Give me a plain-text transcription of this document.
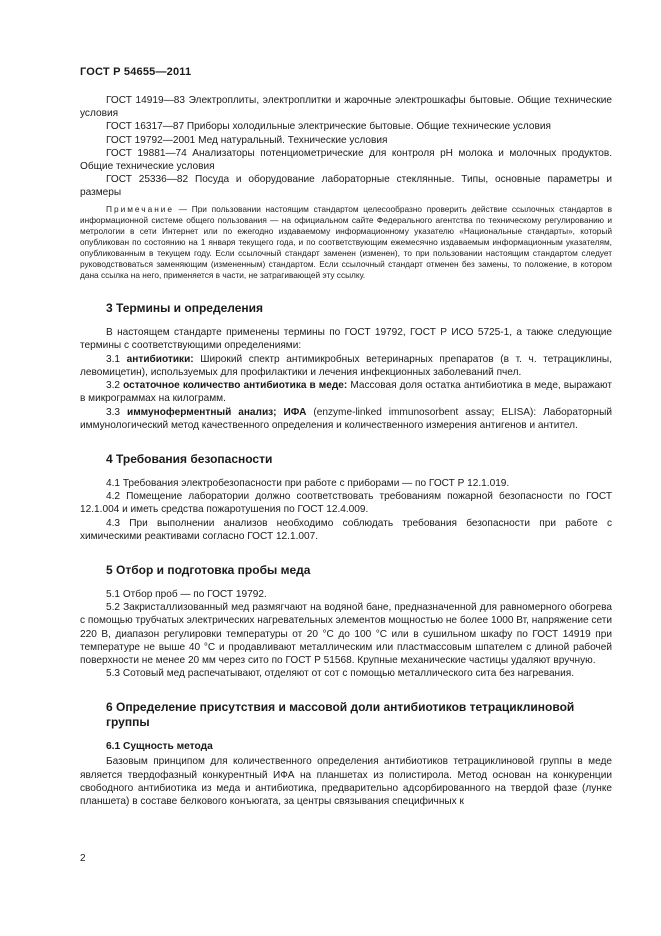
ГОСТ Р 54655—2011

ГОСТ 14919—83 Электроплиты, электроплитки и жарочные электрошкафы бытовые. Общие технические условия

ГОСТ 16317—87 Приборы холодильные электрические бытовые. Общие технические условия

ГОСТ 19792—2001 Мед натуральный. Технические условия

ГОСТ 19881—74 Анализаторы потенциометрические для контроля pH молока и молочных продуктов. Общие технические условия

ГОСТ 25336—82 Посуда и оборудование лабораторные стеклянные. Типы, основные параметры и размеры

Примечание — При пользовании настоящим стандартом целесообразно проверить действие ссылочных стандартов в информационной системе общего пользования — на официальном сайте Федерального агентства по техническому регулированию и метрологии в сети Интернет или по ежегодно издаваемому информационному указателю «Национальные стандарты», который опубликован по состоянию на 1 января текущего года, и по соответствующим ежемесячно издаваемым информационным указателям, опубликованным в текущем году. Если ссылочный стандарт заменен (изменен), то при пользовании настоящим стандартом следует руководствоваться заменяющим (измененным) стандартом. Если ссылочный стандарт отменен без замены, то положение, в котором дана ссылка на него, применяется в части, не затрагивающей эту ссылку.

3 Термины и определения

В настоящем стандарте применены термины по ГОСТ 19792, ГОСТ Р ИСО 5725-1, а также следующие термины с соответствующими определениями:

3.1 антибиотики: Широкий спектр антимикробных ветеринарных препаратов (в т. ч. тетрациклины, левомицетин), используемых для профилактики и лечения инфекционных заболеваний пчел.

3.2 остаточное количество антибиотика в меде: Массовая доля остатка антибиотика в меде, выражают в микрограммах на килограмм.

3.3 иммуноферментный анализ; ИФА (enzyme-linked immunosorbent assay; ELISA): Лабораторный иммунологический метод качественного определения и количественного измерения антигенов и антител.

4 Требования безопасности

4.1 Требования электробезопасности при работе с приборами — по ГОСТ Р 12.1.019.

4.2 Помещение лаборатории должно соответствовать требованиям пожарной безопасности по ГОСТ 12.1.004 и иметь средства пожаротушения по ГОСТ 12.4.009.

4.3 При выполнении анализов необходимо соблюдать требования безопасности при работе с химическими реактивами согласно ГОСТ 12.1.007.

5 Отбор и подготовка пробы меда

5.1 Отбор проб — по ГОСТ 19792.

5.2 Закристаллизованный мед размягчают на водяной бане, предназначенной для равномерного обогрева с помощью трубчатых электрических нагревательных элементов мощностью не более 1000 Вт, напряжение сети 220 В, диапазон регулировки температуры от 20 °С до 100 °С или в сушильном шкафу по ГОСТ 14919 при температуре не выше 40 °С и продавливают металлическим или пластмассовым шпателем с длиной рабочей поверхности не менее 20 мм через сито по ГОСТ Р 51568. Крупные механические частицы удаляют вручную.

5.3 Сотовый мед распечатывают, отделяют от сот с помощью металлического сита без нагревания.

6 Определение присутствия и массовой доли антибиотиков тетрациклиновой группы
6.1 Сущность метода

Базовым принципом для количественного определения антибиотиков тетрациклиновой группы в меде является твердофазный конкурентный ИФА на планшетах из полистирола. Метод основан на конкуренции свободного антибиотика из меда и антибиотика, предварительно адсорбированного на твердой фазе (лунке планшета) в составе белкового конъюгата, за центры связывания специфичных к

2
